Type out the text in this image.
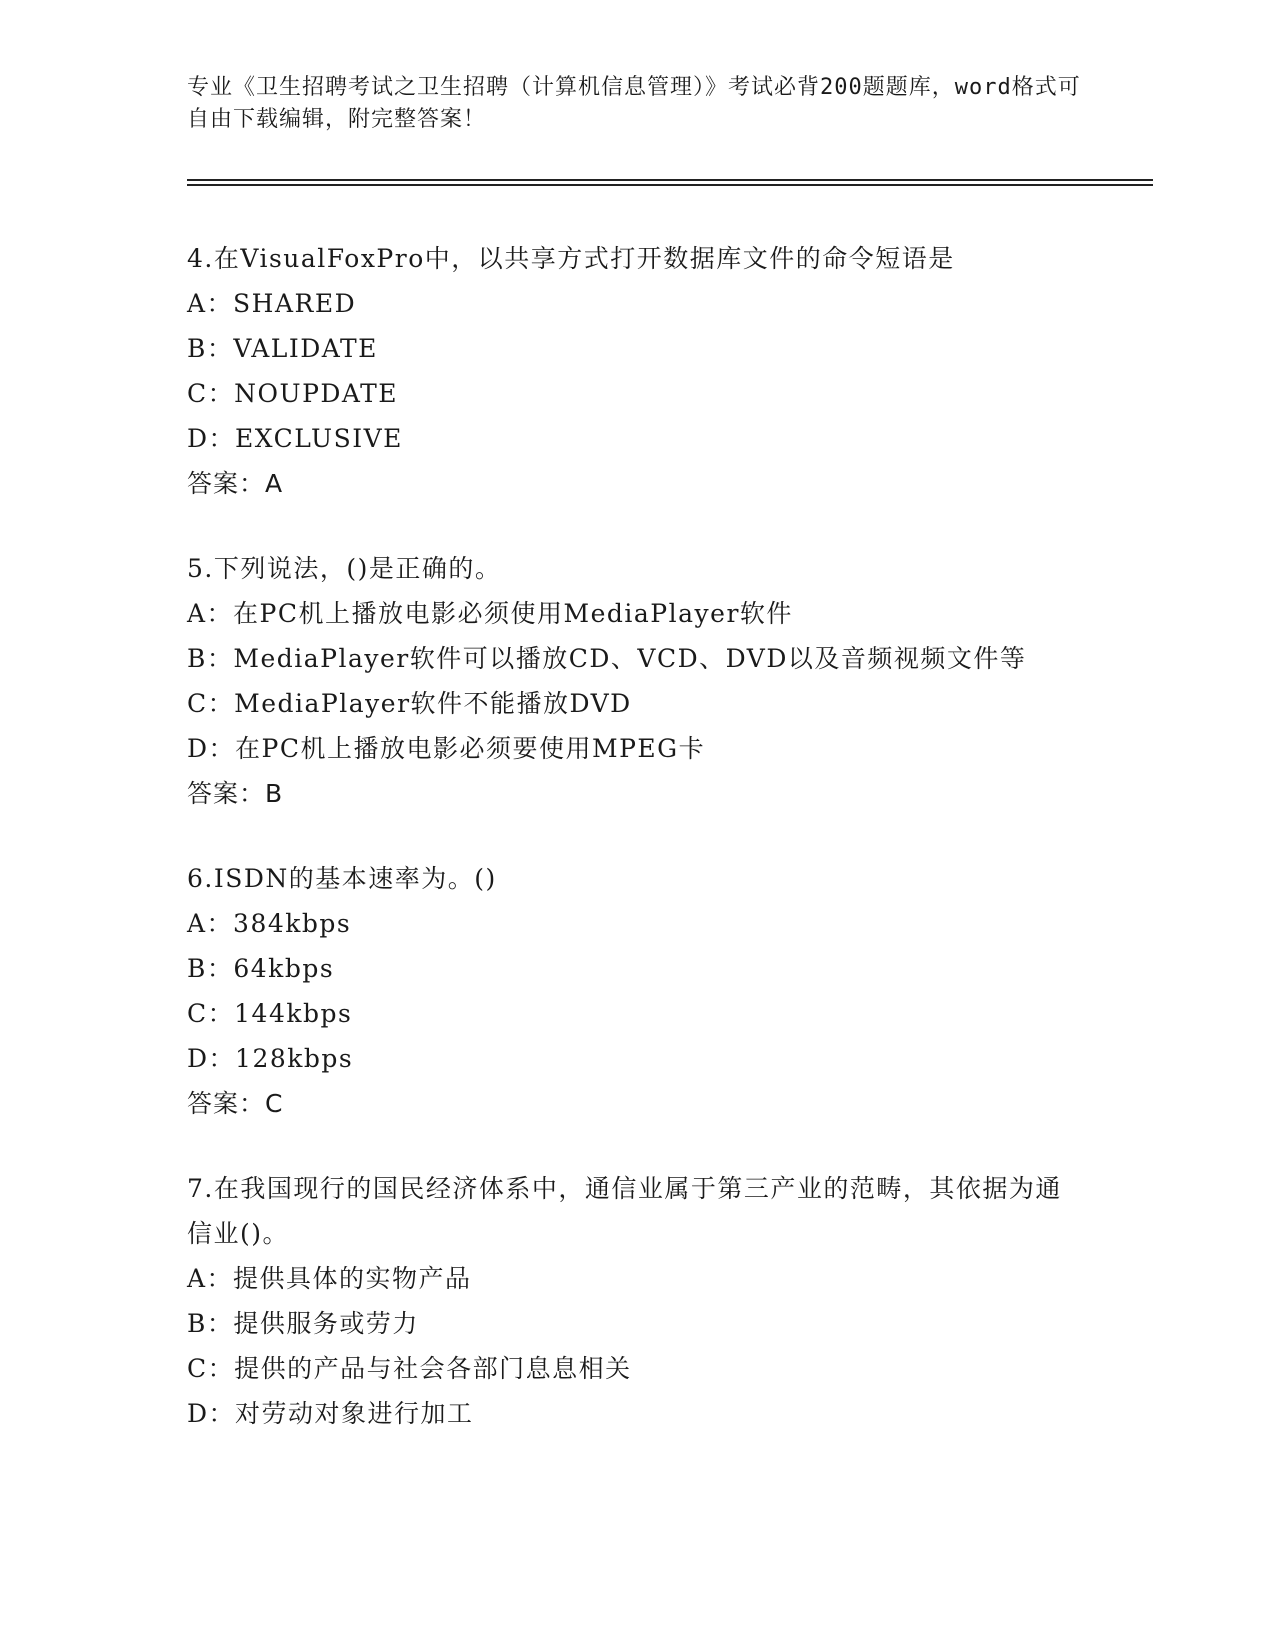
专业《卫生招聘考试之卫生招聘（计算机信息管理）》考试必背200题题库，word格式可自由下载编辑，附完整答案！

4.在VisualFoxPro中，以共享方式打开数据库文件的命令短语是

A：SHARED

B：VALIDATE

C：NOUPDATE

D：EXCLUSIVE

答案：A

5.下列说法，()是正确的。

A：在PC机上播放电影必须使用MediaPlayer软件

B：MediaPlayer软件可以播放CD、VCD、DVD以及音频视频文件等

C：MediaPlayer软件不能播放DVD

D：在PC机上播放电影必须要使用MPEG卡

答案：B

6.ISDN的基本速率为。()

A：384kbps

B：64kbps

C：144kbps

D：128kbps

答案：C

7.在我国现行的国民经济体系中，通信业属于第三产业的范畴，其依据为通信业()。

A：提供具体的实物产品

B：提供服务或劳力

C：提供的产品与社会各部门息息相关

D：对劳动对象进行加工
